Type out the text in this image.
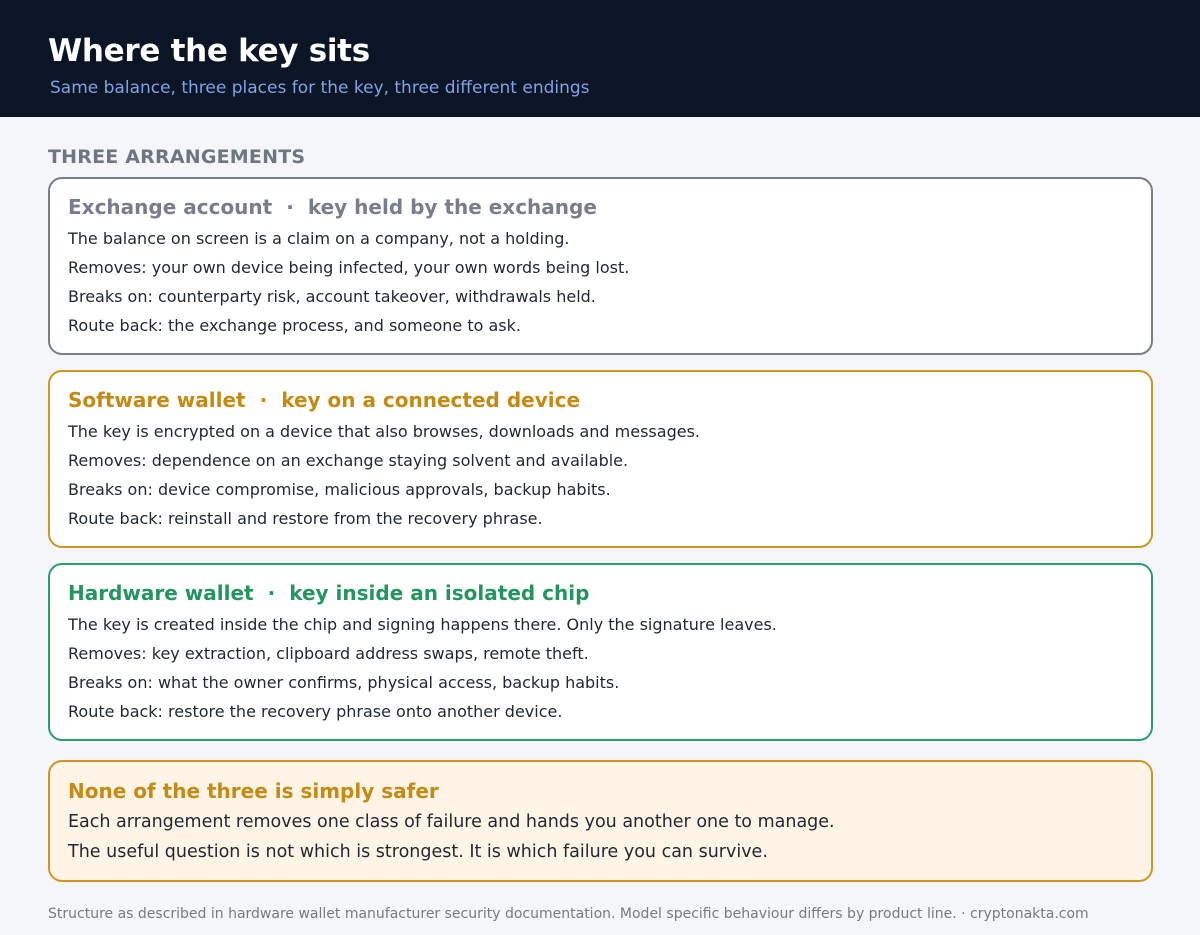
Where the key sits
Same balance, three places for the key, three different endings
THREE ARRANGEMENTS
Exchange account · key held by the exchange
The balance on screen is a claim on a company, not a holding.
Removes: your own device being infected, your own words being lost.
Breaks on: counterparty risk, account takeover, withdrawals held.
Route back: the exchange process, and someone to ask.
Software wallet · key on a connected device
The key is encrypted on a device that also browses, downloads and messages.
Removes: dependence on an exchange staying solvent and available.
Breaks on: device compromise, malicious approvals, backup habits.
Route back: reinstall and restore from the recovery phrase.
Hardware wallet · key inside an isolated chip
The key is created inside the chip and signing happens there. Only the signature leaves.
Removes: key extraction, clipboard address swaps, remote theft.
Breaks on: what the owner confirms, physical access, backup habits.
Route back: restore the recovery phrase onto another device.
None of the three is simply safer
Each arrangement removes one class of failure and hands you another one to manage.
The useful question is not which is strongest. It is which failure you can survive.
Structure as described in hardware wallet manufacturer security documentation. Model specific behaviour differs by product line. · cryptonakta.com
